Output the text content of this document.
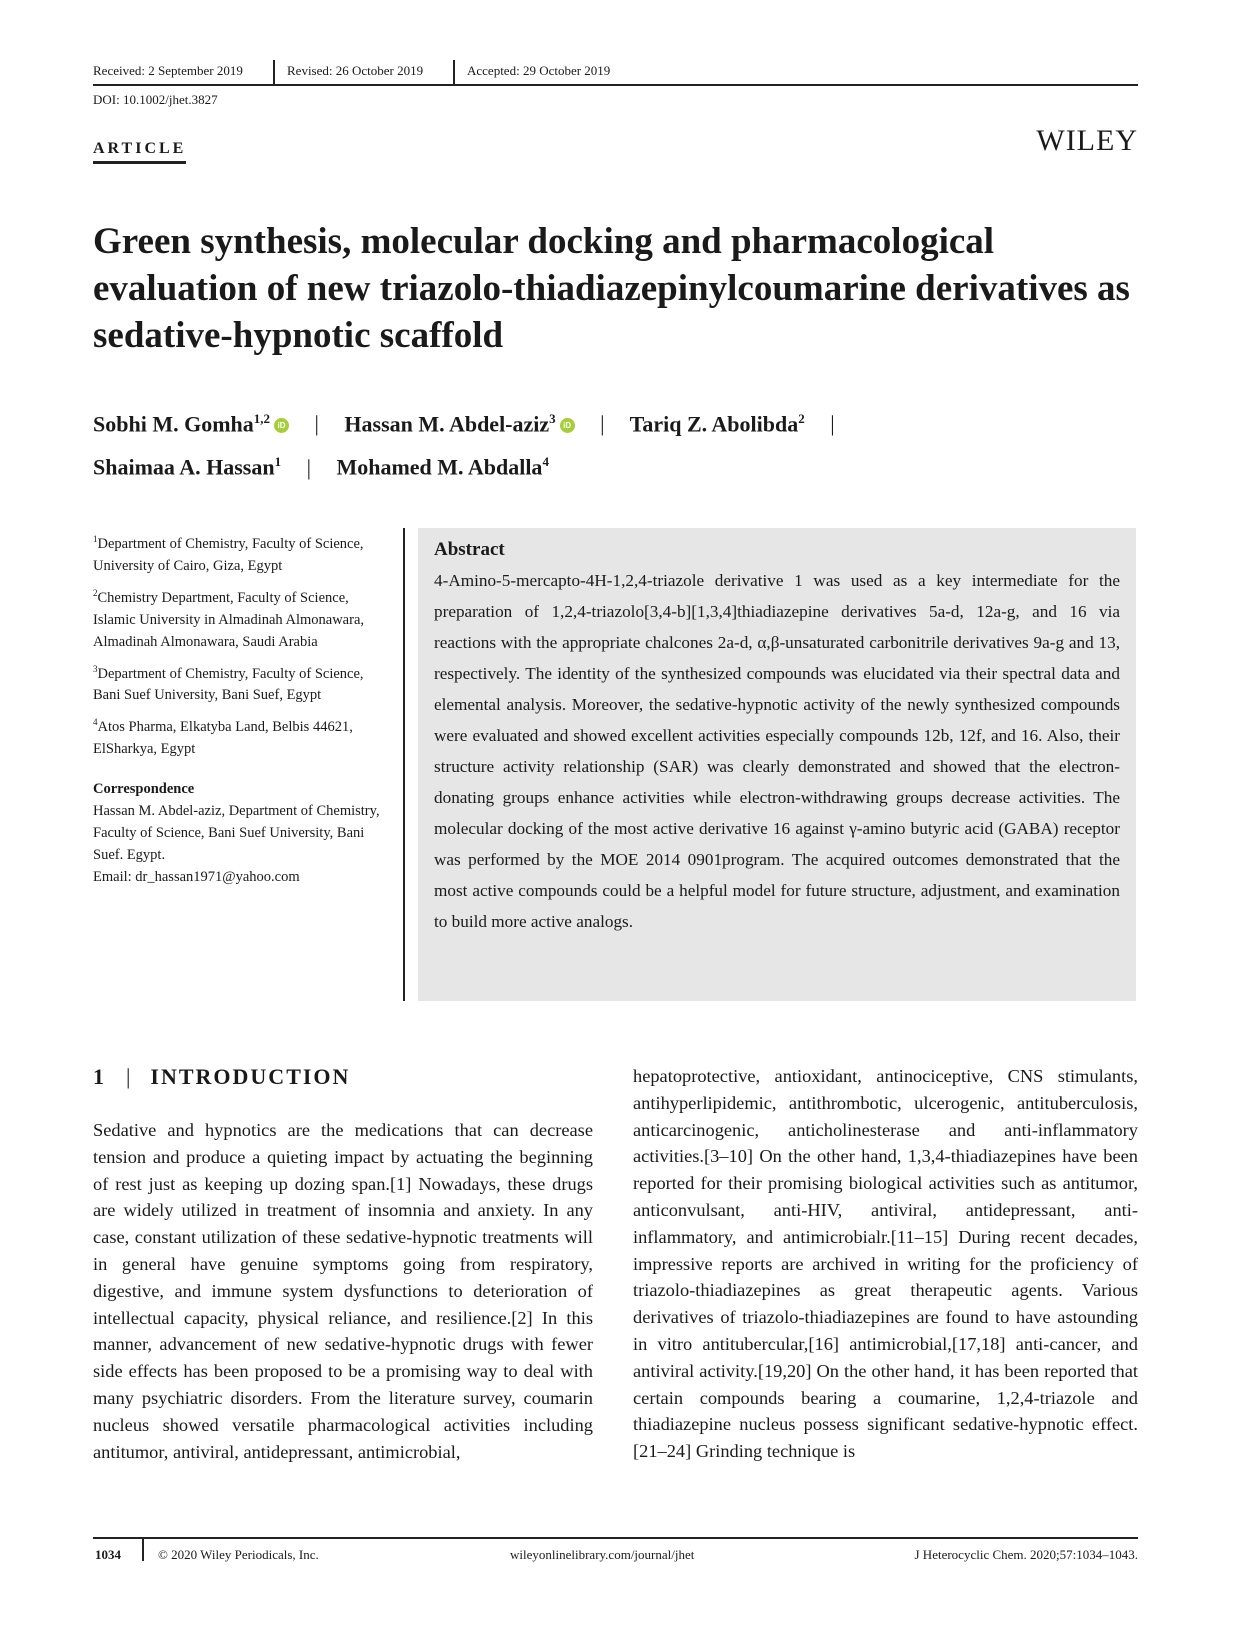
Received: 2 September 2019	Revised: 26 October 2019	Accepted: 29 October 2019
DOI: 10.1002/jhet.3827
ARTICLE	WILEY
Green synthesis, molecular docking and pharmacological evaluation of new triazolo-thiadiazepinylcoumarine derivatives as sedative-hypnotic scaffold
Sobhi M. Gomha$^{1,2}$ iD | Hassan M. Abdel-aziz$^3$ iD | Tariq Z. Abolibda$^2$ |
Shaimaa A. Hassan$^1$ | Mohamed M. Abdalla$^4$

$^1$Department of Chemistry, Faculty of Science, University of Cairo, Giza, Egypt

$^2$Chemistry Department, Faculty of Science, Islamic University in Almadinah Almonawara, Almadinah Almonawara, Saudi Arabia

$^3$Department of Chemistry, Faculty of Science, Bani Suef University, Bani Suef, Egypt

$^4$Atos Pharma, Elkatyba Land, Belbis 44621, ElSharkya, Egypt

Correspondence
Hassan M. Abdel-aziz, Department of Chemistry, Faculty of Science, Bani Suef University, Bani Suef. Egypt.
Email: dr_hassan1971@yahoo.com
Abstract
4-Amino-5-mercapto-4H-1,2,4-triazole derivative 1 was used as a key intermediate for the preparation of 1,2,4-triazolo[3,4-b][1,3,4]thiadiazepine derivatives 5a-d, 12a-g, and 16 via reactions with the appropriate chalcones 2a-d, α,β-unsaturated carbonitrile derivatives 9a-g and 13, respectively. The identity of the synthesized compounds was elucidated via their spectral data and elemental analysis. Moreover, the sedative-hypnotic activity of the newly synthesized compounds were evaluated and showed excellent activities especially compounds 12b, 12f, and 16. Also, their structure activity relationship (SAR) was clearly demonstrated and showed that the electron-donating groups enhance activities while electron-withdrawing groups decrease activities. The molecular docking of the most active derivative 16 against γ-amino butyric acid (GABA) receptor was performed by the MOE 2014 0901program. The acquired outcomes demonstrated that the most active compounds could be a helpful model for future structure, adjustment, and examination to build more active analogs.
1 | INTRODUCTION

Sedative and hypnotics are the medications that can decrease tension and produce a quieting impact by actuating the beginning of rest just as keeping up dozing span.[1] Nowadays, these drugs are widely utilized in treatment of insomnia and anxiety. In any case, constant utilization of these sedative-hypnotic treatments will in general have genuine symptoms going from respiratory, digestive, and immune system dysfunctions to deterioration of intellectual capacity, physical reliance, and resilience.[2] In this manner, advancement of new sedative-hypnotic drugs with fewer side effects has been proposed to be a promising way to deal with many psychiatric disorders. From the literature survey, coumarin nucleus showed versatile pharmacological activities including antitumor, antiviral, antidepressant, antimicrobial,

hepatoprotective, antioxidant, antinociceptive, CNS stimulants, antihyperlipidemic, antithrombotic, ulcerogenic, antituberculosis, anticarcinogenic, anticholinesterase and anti-inflammatory activities.[3–10] On the other hand, 1,3,4-thiadiazepines have been reported for their promising biological activities such as antitumor, anticonvulsant, anti-HIV, antiviral, antidepressant, anti-inflammatory, and antimicrobialr.[11–15] During recent decades, impressive reports are archived in writing for the proficiency of triazolo-thiadiazepines as great therapeutic agents. Various derivatives of triazolo-thiadiazepines are found to have astounding in vitro antitubercular,[16] antimicrobial,[17,18] anti-cancer, and antiviral activity.[19,20] On the other hand, it has been reported that certain compounds bearing a coumarine, 1,2,4-triazole and thiadiazepine nucleus possess significant sedative-hypnotic effect.[21–24] Grinding technique is

1034	© 2020 Wiley Periodicals, Inc.	wileyonlinelibrary.com/journal/jhet	J Heterocyclic Chem. 2020;57:1034–1043.
